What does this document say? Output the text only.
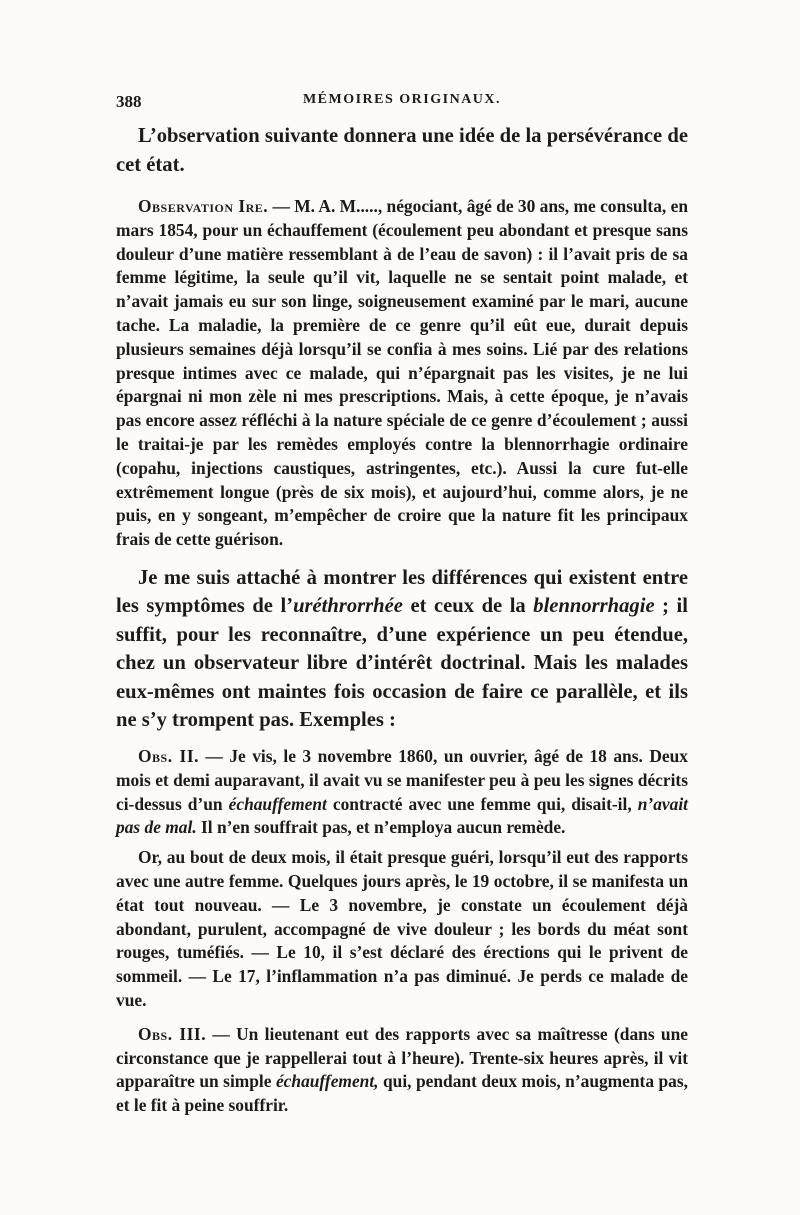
388	MÉMOIRES ORIGINAUX.

L’observation suivante donnera une idée de la persévérance de cet état.

Observation Ire. — M. A. M....., négociant, âgé de 30 ans, me consulta, en mars 1854, pour un échauffement (écoulement peu abondant et presque sans douleur d’une matière ressemblant à de l’eau de savon) : il l’avait pris de sa femme légitime, la seule qu’il vit, laquelle ne se sentait point malade, et n’avait jamais eu sur son linge, soigneusement examiné par le mari, aucune tache. La maladie, la première de ce genre qu’il eût eue, durait depuis plusieurs semaines déjà lorsqu’il se confia à mes soins. Lié par des relations presque intimes avec ce malade, qui n’épargnait pas les visites, je ne lui épargnai ni mon zèle ni mes prescriptions. Mais, à cette époque, je n’avais pas encore assez réfléchi à la nature spéciale de ce genre d’écoulement ; aussi le traitai-je par les remèdes employés contre la blennorrhagie ordinaire (copahu, injections caustiques, astringentes, etc.). Aussi la cure fut-elle extrêmement longue (près de six mois), et aujourd’hui, comme alors, je ne puis, en y songeant, m’empêcher de croire que la nature fit les principaux frais de cette guérison.

Je me suis attaché à montrer les différences qui existent entre les symptômes de l’uréthrorrhée et ceux de la blennorrhagie ; il suffit, pour les reconnaître, d’une expérience un peu étendue, chez un observateur libre d’intérêt doctrinal. Mais les malades eux-mêmes ont maintes fois occasion de faire ce parallèle, et ils ne s’y trompent pas. Exemples :

Obs. II. — Je vis, le 3 novembre 1860, un ouvrier, âgé de 18 ans. Deux mois et demi auparavant, il avait vu se manifester peu à peu les signes décrits ci-dessus d’un échauffement contracté avec une femme qui, disait-il, n’avait pas de mal. Il n’en souffrait pas, et n’employa aucun remède.

Or, au bout de deux mois, il était presque guéri, lorsqu’il eut des rapports avec une autre femme. Quelques jours après, le 19 octobre, il se manifesta un état tout nouveau. — Le 3 novembre, je constate un écoulement déjà abondant, purulent, accompagné de vive douleur ; les bords du méat sont rouges, tuméfiés. — Le 10, il s’est déclaré des érections qui le privent de sommeil. — Le 17, l’inflammation n’a pas diminué. Je perds ce malade de vue.

Obs. III. — Un lieutenant eut des rapports avec sa maîtresse (dans une circonstance que je rappellerai tout à l’heure). Trente-six heures après, il vit apparaître un simple échauffement, qui, pendant deux mois, n’augmenta pas, et le fit à peine souffrir.
